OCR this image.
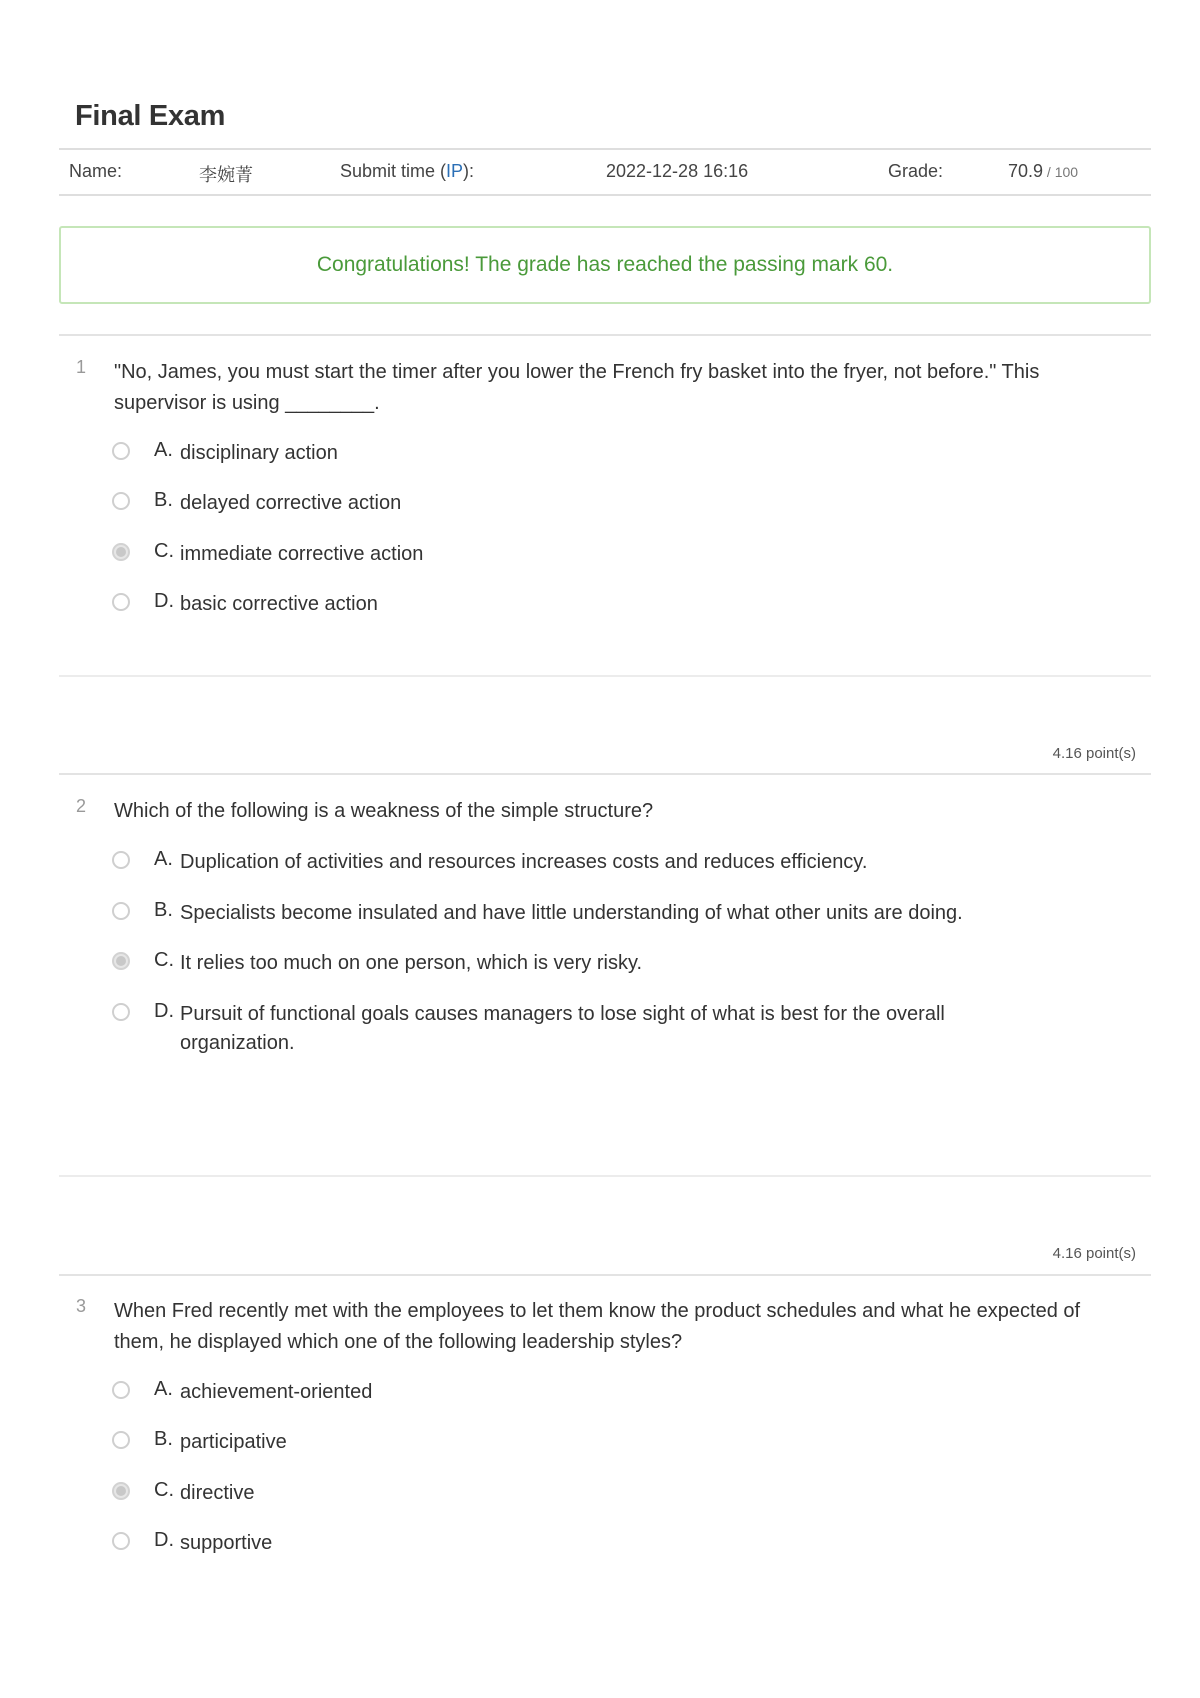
Final Exam
Name:	李婉菁	Submit time (IP):	2022-12-28 16:16	Grade:	70.9 / 100
Congratulations! The grade has reached the passing mark 60.
1 "No, James, you must start the timer after you lower the French fry basket into the fryer, not before." This supervisor is using ________.

A. disciplinary action

B. delayed corrective action

C. immediate corrective action

D. basic corrective action

4.16 point(s)
2 Which of the following is a weakness of the simple structure?

A. Duplication of activities and resources increases costs and reduces efficiency.

B. Specialists become insulated and have little understanding of what other units are doing.

C. It relies too much on one person, which is very risky.

D. Pursuit of functional goals causes managers to lose sight of what is best for the overall organization.

4.16 point(s)
3 When Fred recently met with the employees to let them know the product schedules and what he expected of them, he displayed which one of the following leadership styles?

A. achievement-oriented

B. participative

C. directive

D. supportive
